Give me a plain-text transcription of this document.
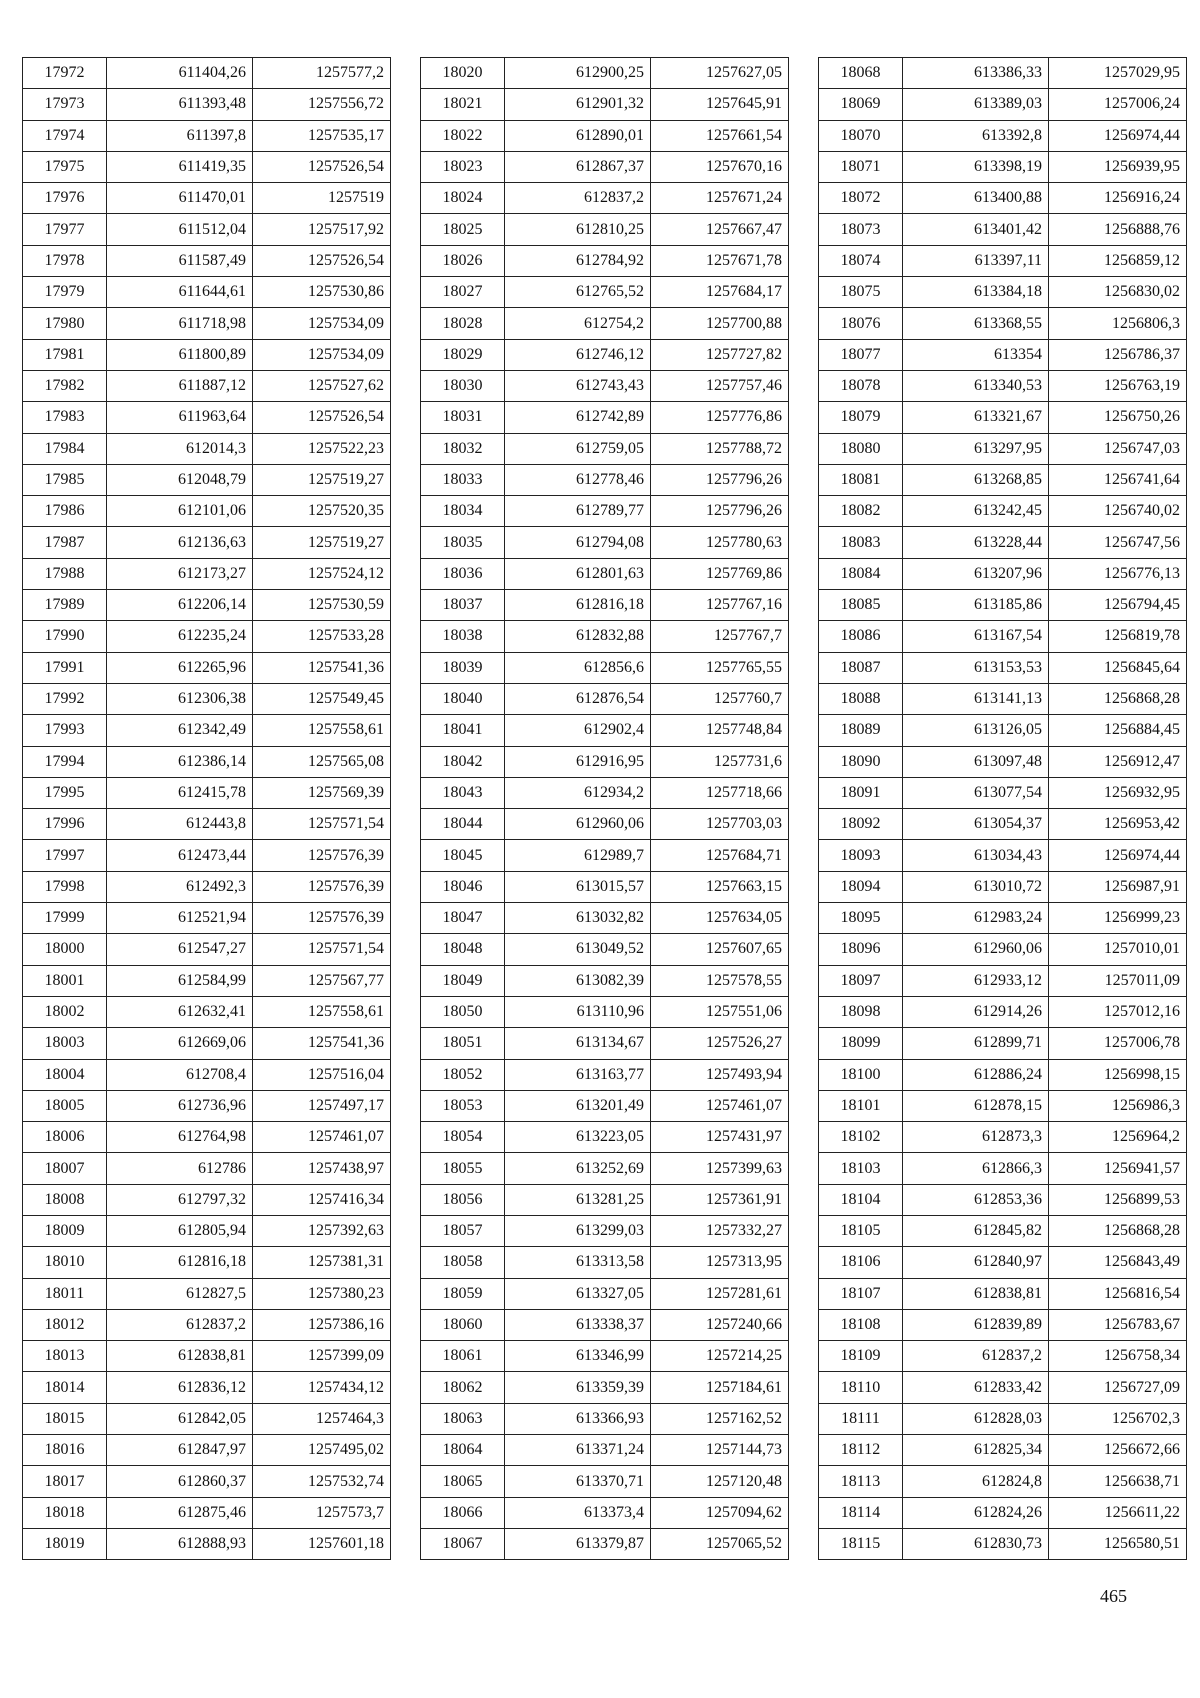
17972	611404,26	1257577,2
17973	611393,48	1257556,72
17974	611397,8	1257535,17
17975	611419,35	1257526,54
17976	611470,01	1257519
17977	611512,04	1257517,92
17978	611587,49	1257526,54
17979	611644,61	1257530,86
17980	611718,98	1257534,09
17981	611800,89	1257534,09
17982	611887,12	1257527,62
17983	611963,64	1257526,54
17984	612014,3	1257522,23
17985	612048,79	1257519,27
17986	612101,06	1257520,35
17987	612136,63	1257519,27
17988	612173,27	1257524,12
17989	612206,14	1257530,59
17990	612235,24	1257533,28
17991	612265,96	1257541,36
17992	612306,38	1257549,45
17993	612342,49	1257558,61
17994	612386,14	1257565,08
17995	612415,78	1257569,39
17996	612443,8	1257571,54
17997	612473,44	1257576,39
17998	612492,3	1257576,39
17999	612521,94	1257576,39
18000	612547,27	1257571,54
18001	612584,99	1257567,77
18002	612632,41	1257558,61
18003	612669,06	1257541,36
18004	612708,4	1257516,04
18005	612736,96	1257497,17
18006	612764,98	1257461,07
18007	612786	1257438,97
18008	612797,32	1257416,34
18009	612805,94	1257392,63
18010	612816,18	1257381,31
18011	612827,5	1257380,23
18012	612837,2	1257386,16
18013	612838,81	1257399,09
18014	612836,12	1257434,12
18015	612842,05	1257464,3
18016	612847,97	1257495,02
18017	612860,37	1257532,74
18018	612875,46	1257573,7
18019	612888,93	1257601,18
18020	612900,25	1257627,05
18021	612901,32	1257645,91
18022	612890,01	1257661,54
18023	612867,37	1257670,16
18024	612837,2	1257671,24
18025	612810,25	1257667,47
18026	612784,92	1257671,78
18027	612765,52	1257684,17
18028	612754,2	1257700,88
18029	612746,12	1257727,82
18030	612743,43	1257757,46
18031	612742,89	1257776,86
18032	612759,05	1257788,72
18033	612778,46	1257796,26
18034	612789,77	1257796,26
18035	612794,08	1257780,63
18036	612801,63	1257769,86
18037	612816,18	1257767,16
18038	612832,88	1257767,7
18039	612856,6	1257765,55
18040	612876,54	1257760,7
18041	612902,4	1257748,84
18042	612916,95	1257731,6
18043	612934,2	1257718,66
18044	612960,06	1257703,03
18045	612989,7	1257684,71
18046	613015,57	1257663,15
18047	613032,82	1257634,05
18048	613049,52	1257607,65
18049	613082,39	1257578,55
18050	613110,96	1257551,06
18051	613134,67	1257526,27
18052	613163,77	1257493,94
18053	613201,49	1257461,07
18054	613223,05	1257431,97
18055	613252,69	1257399,63
18056	613281,25	1257361,91
18057	613299,03	1257332,27
18058	613313,58	1257313,95
18059	613327,05	1257281,61
18060	613338,37	1257240,66
18061	613346,99	1257214,25
18062	613359,39	1257184,61
18063	613366,93	1257162,52
18064	613371,24	1257144,73
18065	613370,71	1257120,48
18066	613373,4	1257094,62
18067	613379,87	1257065,52
18068	613386,33	1257029,95
18069	613389,03	1257006,24
18070	613392,8	1256974,44
18071	613398,19	1256939,95
18072	613400,88	1256916,24
18073	613401,42	1256888,76
18074	613397,11	1256859,12
18075	613384,18	1256830,02
18076	613368,55	1256806,3
18077	613354	1256786,37
18078	613340,53	1256763,19
18079	613321,67	1256750,26
18080	613297,95	1256747,03
18081	613268,85	1256741,64
18082	613242,45	1256740,02
18083	613228,44	1256747,56
18084	613207,96	1256776,13
18085	613185,86	1256794,45
18086	613167,54	1256819,78
18087	613153,53	1256845,64
18088	613141,13	1256868,28
18089	613126,05	1256884,45
18090	613097,48	1256912,47
18091	613077,54	1256932,95
18092	613054,37	1256953,42
18093	613034,43	1256974,44
18094	613010,72	1256987,91
18095	612983,24	1256999,23
18096	612960,06	1257010,01
18097	612933,12	1257011,09
18098	612914,26	1257012,16
18099	612899,71	1257006,78
18100	612886,24	1256998,15
18101	612878,15	1256986,3
18102	612873,3	1256964,2
18103	612866,3	1256941,57
18104	612853,36	1256899,53
18105	612845,82	1256868,28
18106	612840,97	1256843,49
18107	612838,81	1256816,54
18108	612839,89	1256783,67
18109	612837,2	1256758,34
18110	612833,42	1256727,09
18111	612828,03	1256702,3
18112	612825,34	1256672,66
18113	612824,8	1256638,71
18114	612824,26	1256611,22
18115	612830,73	1256580,51
465
